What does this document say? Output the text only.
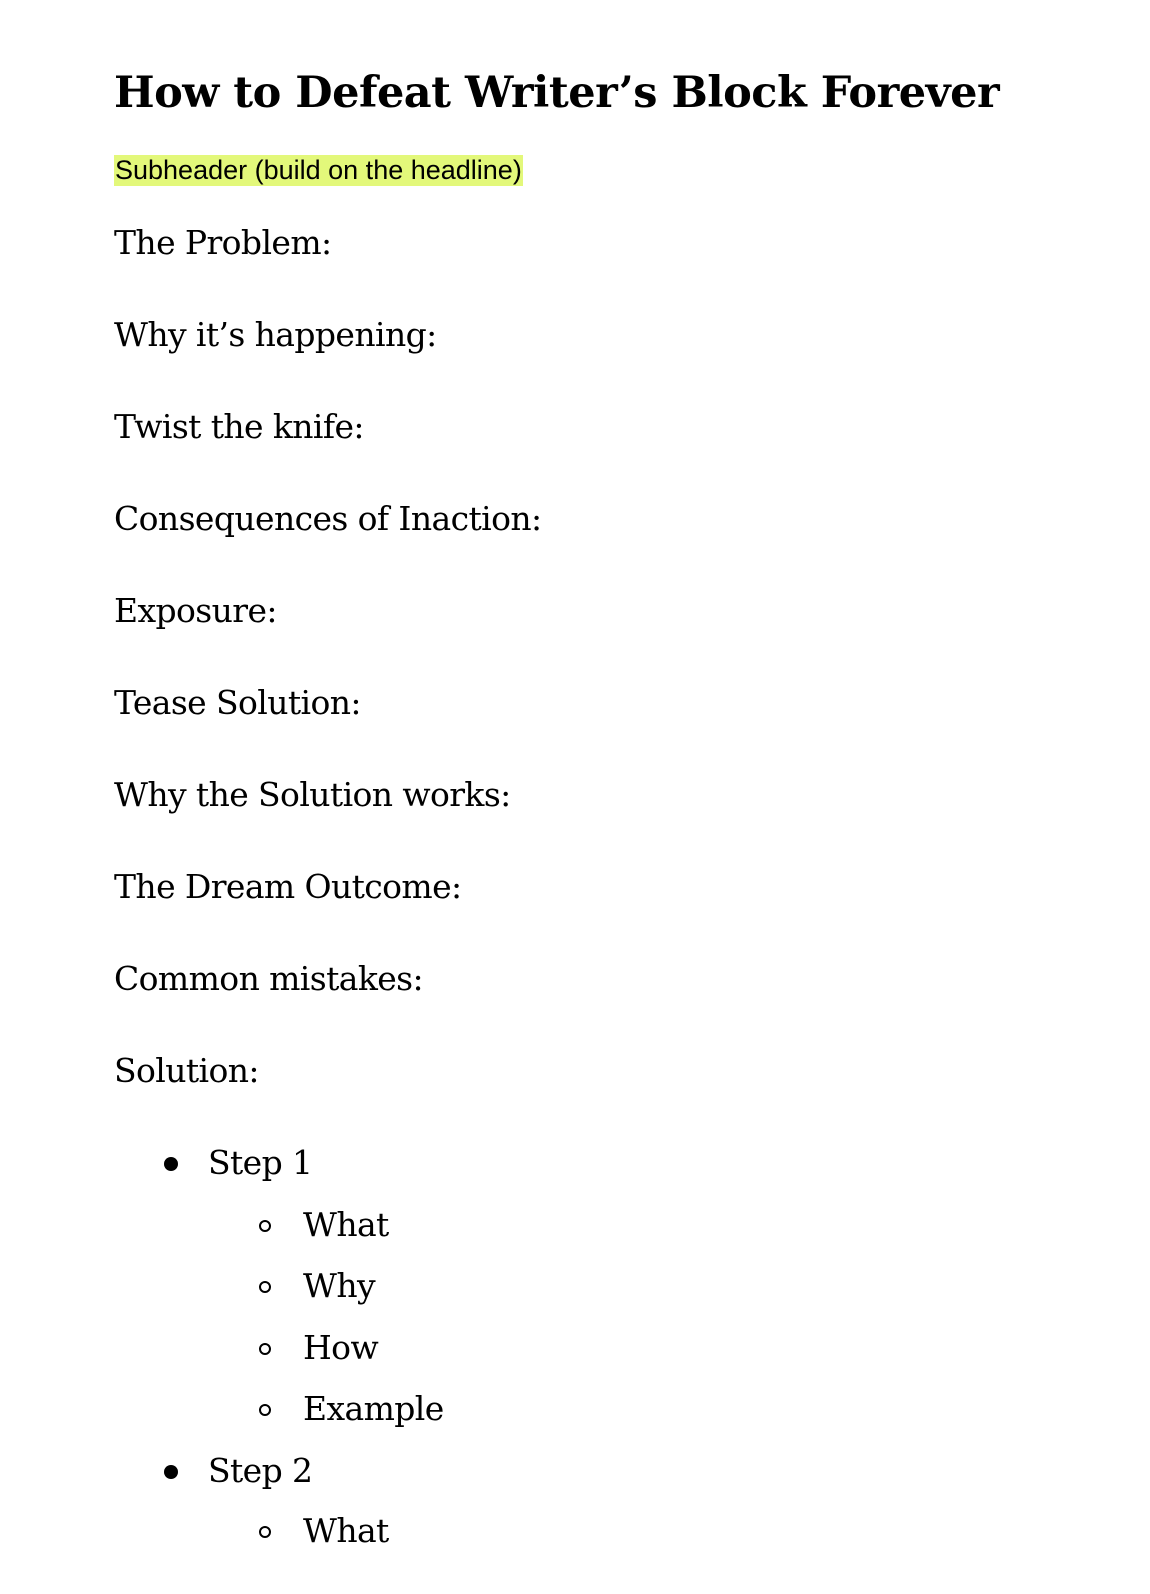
How to Defeat Writer’s Block Forever
Subheader (build on the headline)

The Problem:

Why it’s happening:

Twist the knife:

Consequences of Inaction:

Exposure:

Tease Solution:

Why the Solution works:

The Dream Outcome:

Common mistakes:

Solution:

Step 1
What
Why
How
Example
Step 2
What
